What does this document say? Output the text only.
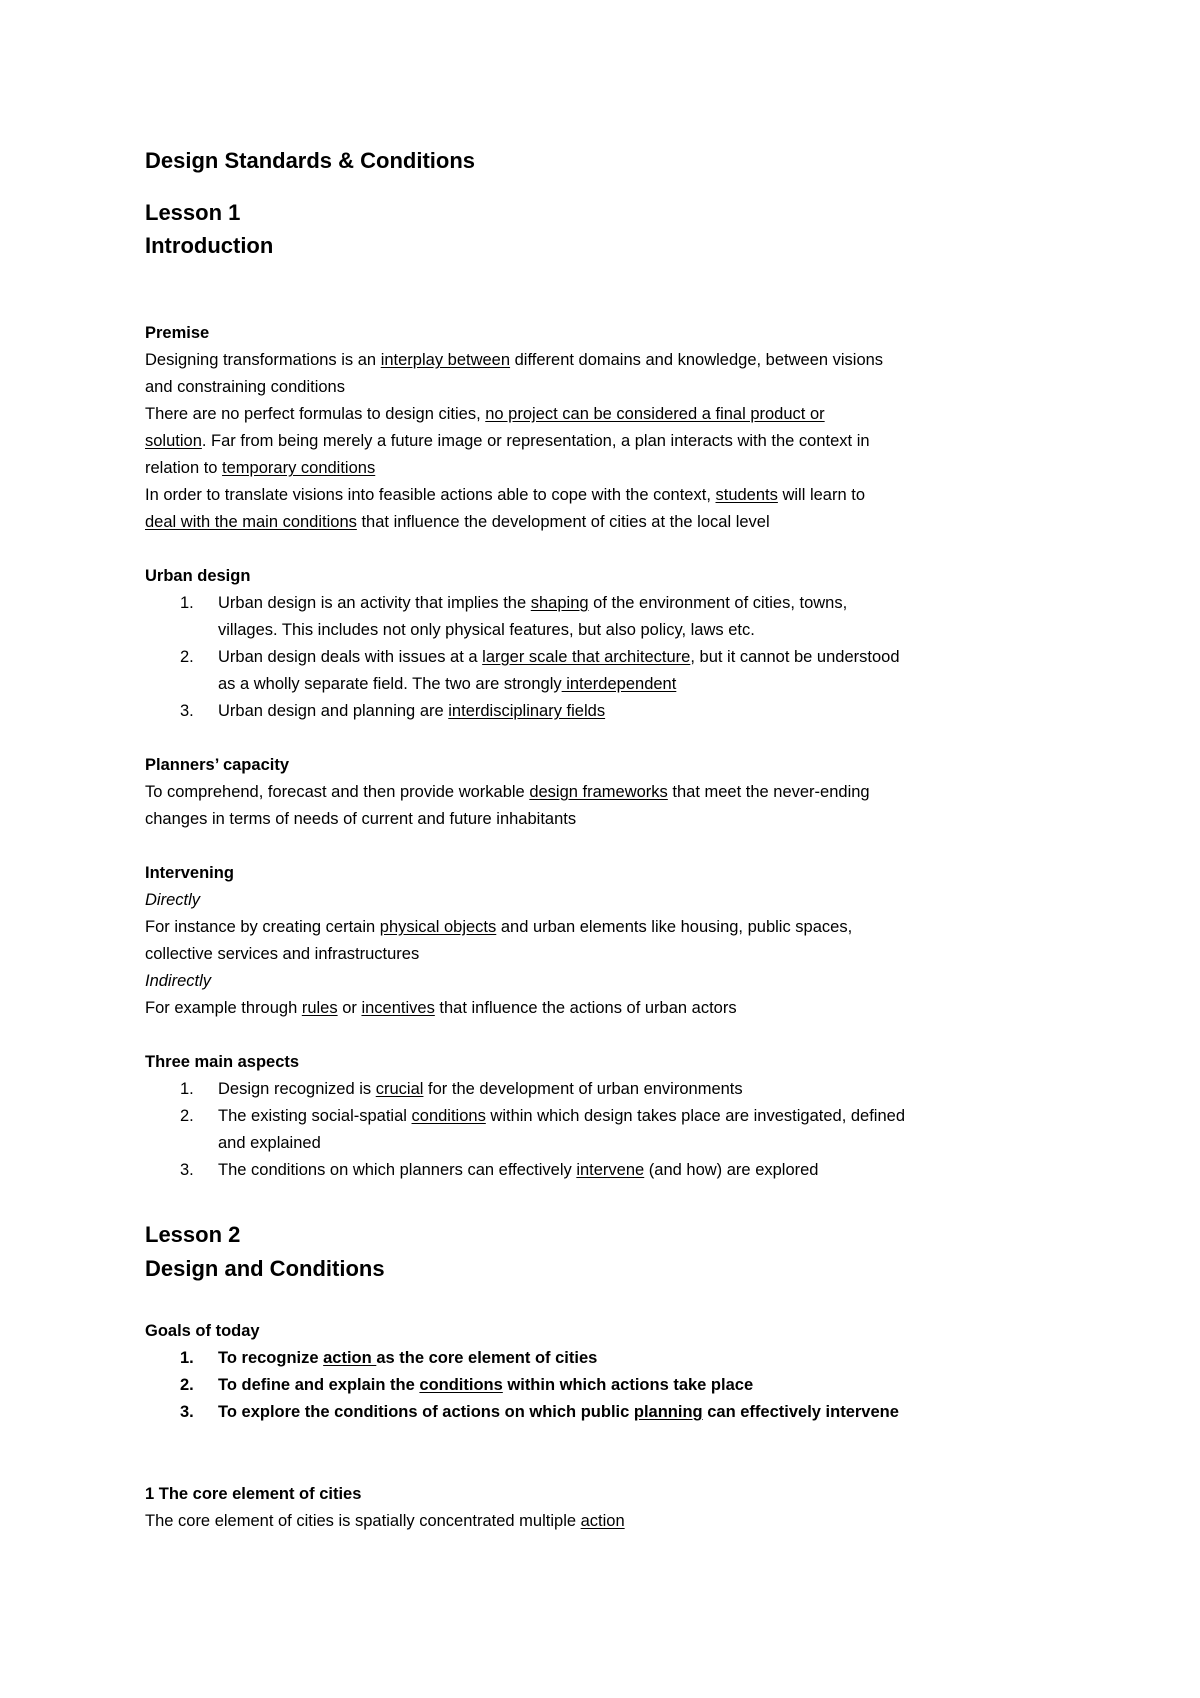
Design Standards & Conditions
Lesson 1
Introduction
Premise
Designing transformations is an interplay between different domains and knowledge, between visions
and constraining conditions
There are no perfect formulas to design cities, no project can be considered a final product or
solution. Far from being merely a future image or representation, a plan interacts with the context in
relation to temporary conditions
In order to translate visions into feasible actions able to cope with the context, students will learn to
deal with the main conditions that influence the development of cities at the local level
Urban design
1. Urban design is an activity that implies the shaping of the environment of cities, towns,
villages. This includes not only physical features, but also policy, laws etc.
2. Urban design deals with issues at a larger scale that architecture, but it cannot be understood
as a wholly separate field. The two are strongly interdependent
3. Urban design and planning are interdisciplinary fields
Planners’ capacity
To comprehend, forecast and then provide workable design frameworks that meet the never-ending
changes in terms of needs of current and future inhabitants
Intervening
Directly
For instance by creating certain physical objects and urban elements like housing, public spaces,
collective services and infrastructures
Indirectly
For example through rules or incentives that influence the actions of urban actors
Three main aspects
1. Design recognized is crucial for the development of urban environments
2. The existing social-spatial conditions within which design takes place are investigated, defined
and explained
3. The conditions on which planners can effectively intervene (and how) are explored
Lesson 2
Design and Conditions
Goals of today
1. To recognize action as the core element of cities
2. To define and explain the conditions within which actions take place
3. To explore the conditions of actions on which public planning can effectively intervene
1 The core element of cities
The core element of cities is spatially concentrated multiple action
